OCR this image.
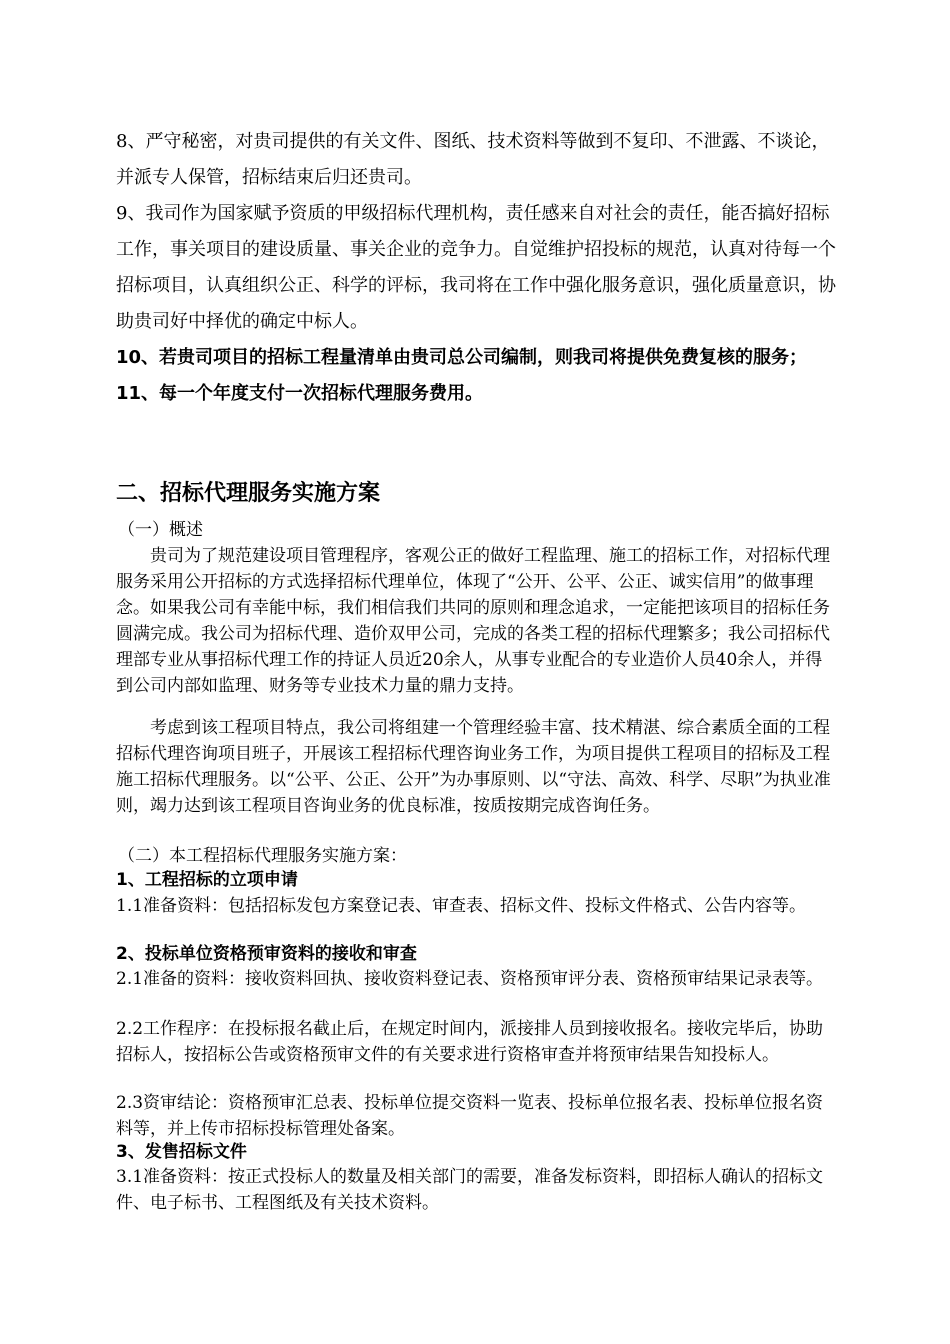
8、严守秘密，对贵司提供的有关文件、图纸、技术资料等做到不复印、不泄露、不谈论，并派专人保管，招标结束后归还贵司。

9、我司作为国家赋予资质的甲级招标代理机构，责任感来自对社会的责任，能否搞好招标工作，事关项目的建设质量、事关企业的竞争力。自觉维护招投标的规范，认真对待每一个招标项目，认真组织公正、科学的评标，我司将在工作中强化服务意识，强化质量意识，协助贵司好中择优的确定中标人。

10、若贵司项目的招标工程量清单由贵司总公司编制，则我司将提供免费复核的服务；

11、每一个年度支付一次招标代理服务费用。

二、招标代理服务实施方案

（一）概述

贵司为了规范建设项目管理程序，客观公正的做好工程监理、施工的招标工作，对招标代理服务采用公开招标的方式选择招标代理单位，体现了“公开、公平、公正、诚实信用”的做事理念。如果我公司有幸能中标，我们相信我们共同的原则和理念追求，一定能把该项目的招标任务圆满完成。我公司为招标代理、造价双甲公司，完成的各类工程的招标代理繁多；我公司招标代理部专业从事招标代理工作的持证人员近20余人，从事专业配合的专业造价人员40余人，并得到公司内部如监理、财务等专业技术力量的鼎力支持。

考虑到该工程项目特点，我公司将组建一个管理经验丰富、技术精湛、综合素质全面的工程招标代理咨询项目班子，开展该工程招标代理咨询业务工作，为项目提供工程项目的招标及工程施工招标代理服务。以“公平、公正、公开”为办事原则、以“守法、高效、科学、尽职”为执业准则，竭力达到该工程项目咨询业务的优良标准，按质按期完成咨询任务。

（二）本工程招标代理服务实施方案：

1、工程招标的立项申请

1.1准备资料：包括招标发包方案登记表、审查表、招标文件、投标文件格式、公告内容等。

2、投标单位资格预审资料的接收和审查

2.1准备的资料：接收资料回执、接收资料登记表、资格预审评分表、资格预审结果记录表等。

2.2工作程序：在投标报名截止后，在规定时间内，派接排人员到接收报名。接收完毕后，协助招标人，按招标公告或资格预审文件的有关要求进行资格审查并将预审结果告知投标人。

2.3资审结论：资格预审汇总表、投标单位提交资料一览表、投标单位报名表、投标单位报名资料等，并上传市招标投标管理处备案。

3、发售招标文件

3.1准备资料：按正式投标人的数量及相关部门的需要，准备发标资料，即招标人确认的招标文件、电子标书、工程图纸及有关技术资料。
